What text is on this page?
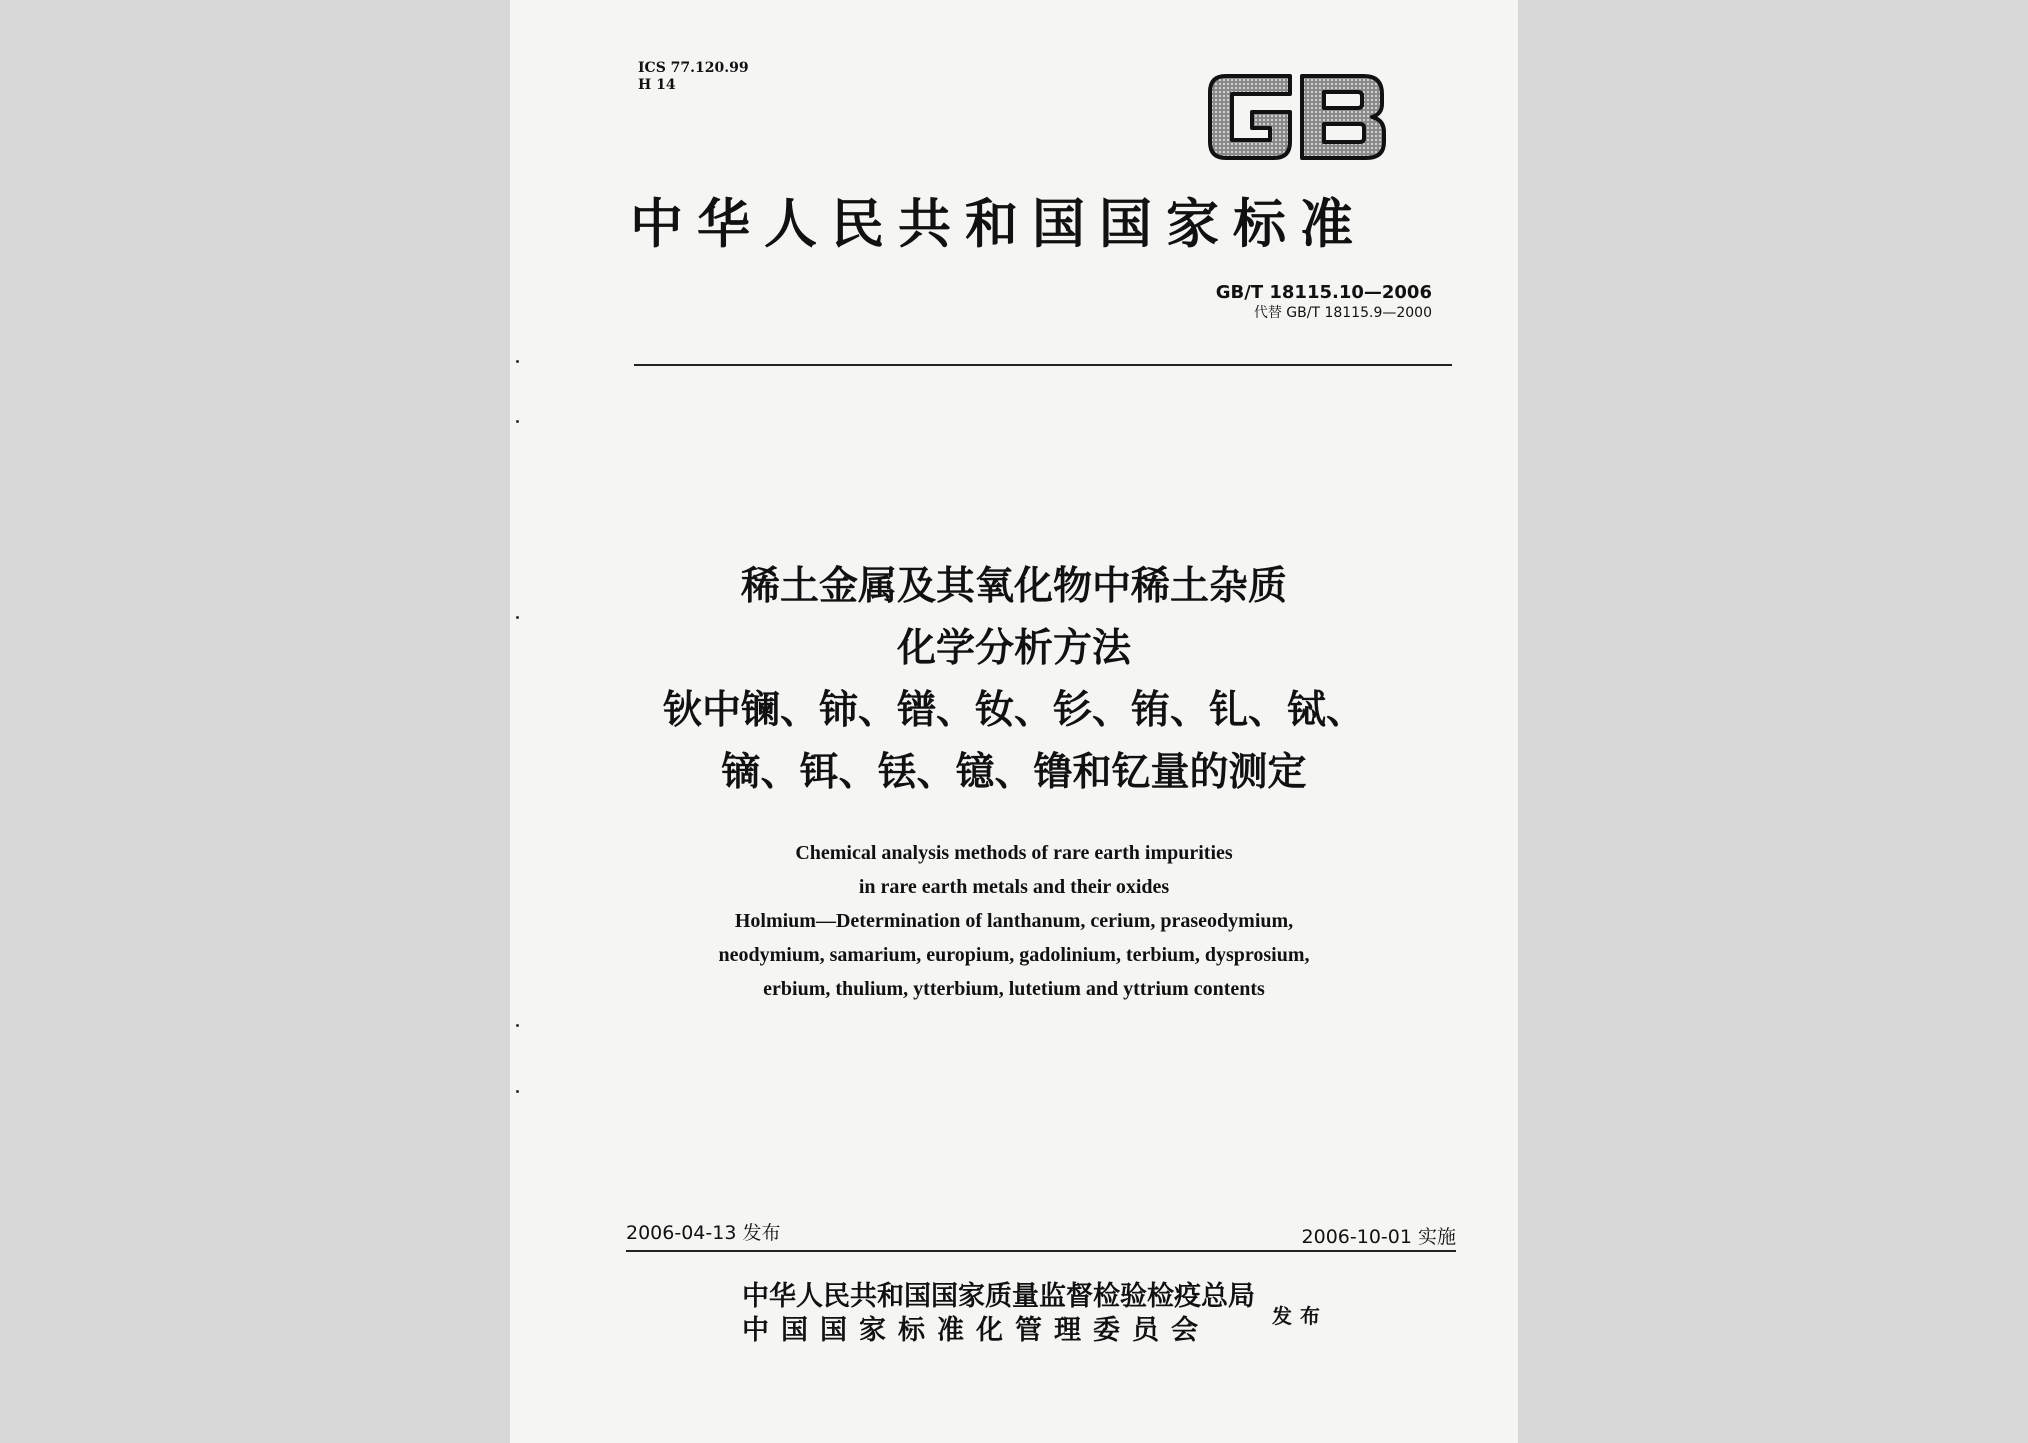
ICS 77.120.99
H 14
中华人民共和国国家标准
GB/T 18115.10—2006
代替 GB/T 18115.9—2000
稀土金属及其氧化物中稀土杂质
化学分析方法
钬中镧、铈、镨、钕、钐、铕、钆、铽、
镝、铒、铥、镱、镥和钇量的测定
Chemical analysis methods of rare earth impurities
in rare earth metals and their oxides
Holmium—Determination of lanthanum, cerium, praseodymium,
neodymium, samarium, europium, gadolinium, terbium, dysprosium,
erbium, thulium, ytterbium, lutetium and yttrium contents
2006-04-13 发布	2006-10-01 实施
中华人民共和国国家质量监督检验检疫总局
中国国家标准化管理委员会	发布
